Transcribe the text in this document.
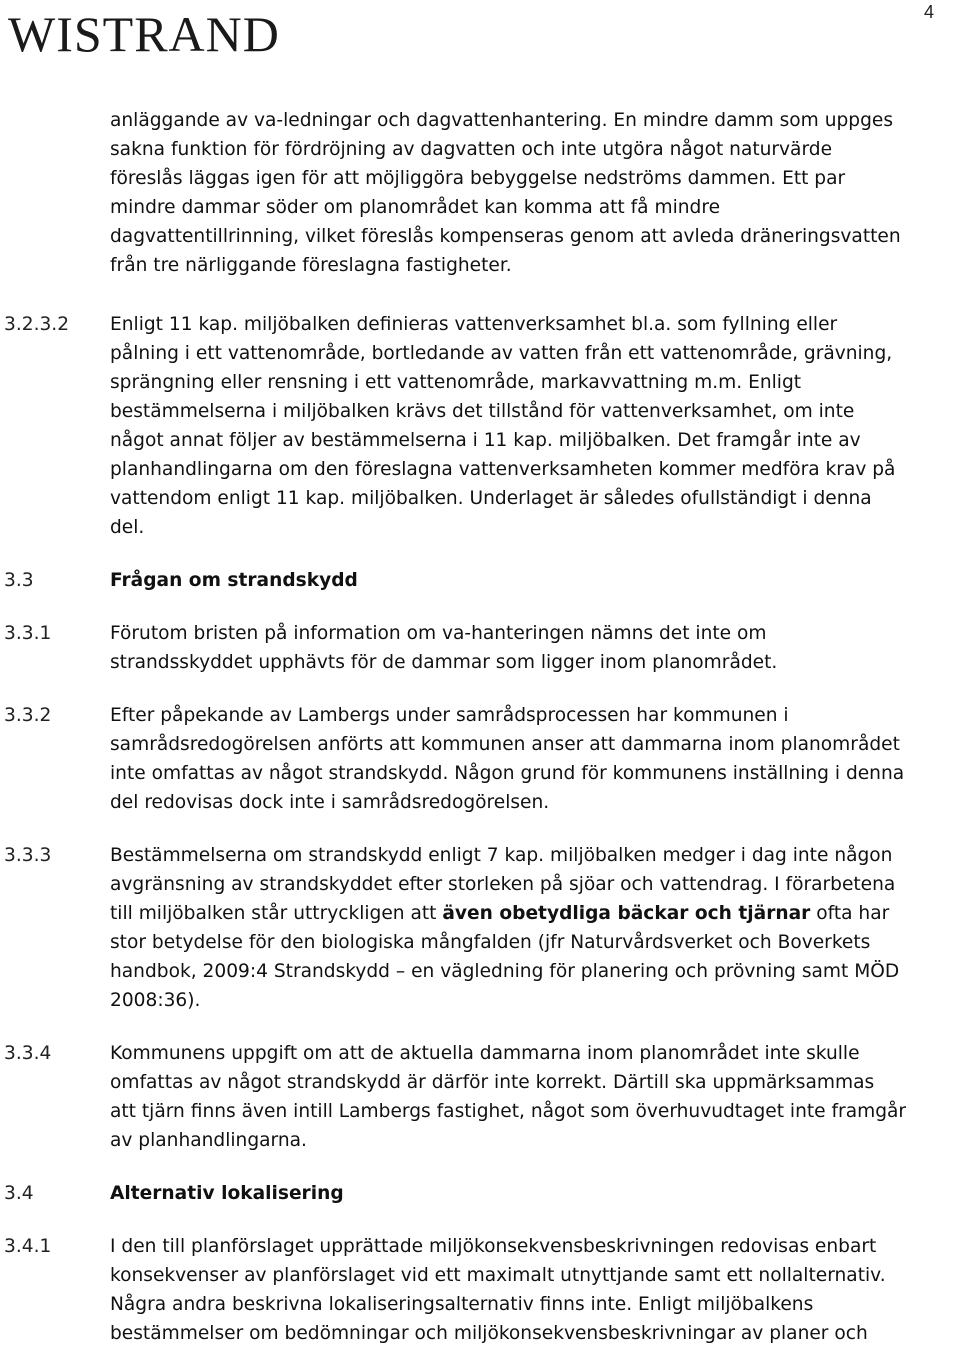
WISTRAND	4
anläggande av va-ledningar och dagvattenhantering. En mindre damm som uppges
sakna funktion för fördröjning av dagvatten och inte utgöra något naturvärde
föreslås läggas igen för att möjliggöra bebyggelse nedströms dammen. Ett par
mindre dammar söder om planområdet kan komma att få mindre
dagvattentillrinning, vilket föreslås kompenseras genom att avleda dräneringsvatten
från tre närliggande föreslagna fastigheter.
3.2.3.2 Enligt 11 kap. miljöbalken definieras vattenverksamhet bl.a. som fyllning eller
pålning i ett vattenområde, bortledande av vatten från ett vattenområde, grävning,
sprängning eller rensning i ett vattenområde, markavvattning m.m. Enligt
bestämmelserna i miljöbalken krävs det tillstånd för vattenverksamhet, om inte
något annat följer av bestämmelserna i 11 kap. miljöbalken. Det framgår inte av
planhandlingarna om den föreslagna vattenverksamheten kommer medföra krav på
vattendom enligt 11 kap. miljöbalken. Underlaget är således ofullständigt i denna
del.
3.3	Frågan om strandskydd
3.3.1	Förutom bristen på information om va-hanteringen nämns det inte om
strandsskyddet upphävts för de dammar som ligger inom planområdet.
3.3.2	Efter påpekande av Lambergs under samrådsprocessen har kommunen i
samrådsredogörelsen anförts att kommunen anser att dammarna inom planområdet
inte omfattas av något strandskydd. Någon grund för kommunens inställning i denna
del redovisas dock inte i samrådsredogörelsen.
3.3.3	Bestämmelserna om strandskydd enligt 7 kap. miljöbalken medger i dag inte någon
avgränsning av strandskyddet efter storleken på sjöar och vattendrag. I förarbetena
till miljöbalken står uttryckligen att även obetydliga bäckar och tjärnar ofta har
stor betydelse för den biologiska mångfalden (jfr Naturvårdsverket och Boverkets
handbok, 2009:4 Strandskydd – en vägledning för planering och prövning samt MÖD
2008:36).
3.3.4	Kommunens uppgift om att de aktuella dammarna inom planområdet inte skulle
omfattas av något strandskydd är därför inte korrekt. Därtill ska uppmärksammas
att tjärn finns även intill Lambergs fastighet, något som överhuvudtaget inte framgår
av planhandlingarna.
3.4	Alternativ lokalisering
3.4.1	I den till planförslaget upprättade miljökonsekvensbeskrivningen redovisas enbart
konsekvenser av planförslaget vid ett maximalt utnyttjande samt ett nollalternativ.
Några andra beskrivna lokaliseringsalternativ finns inte. Enligt miljöbalkens
bestämmelser om bedömningar och miljökonsekvensbeskrivningar av planer och
